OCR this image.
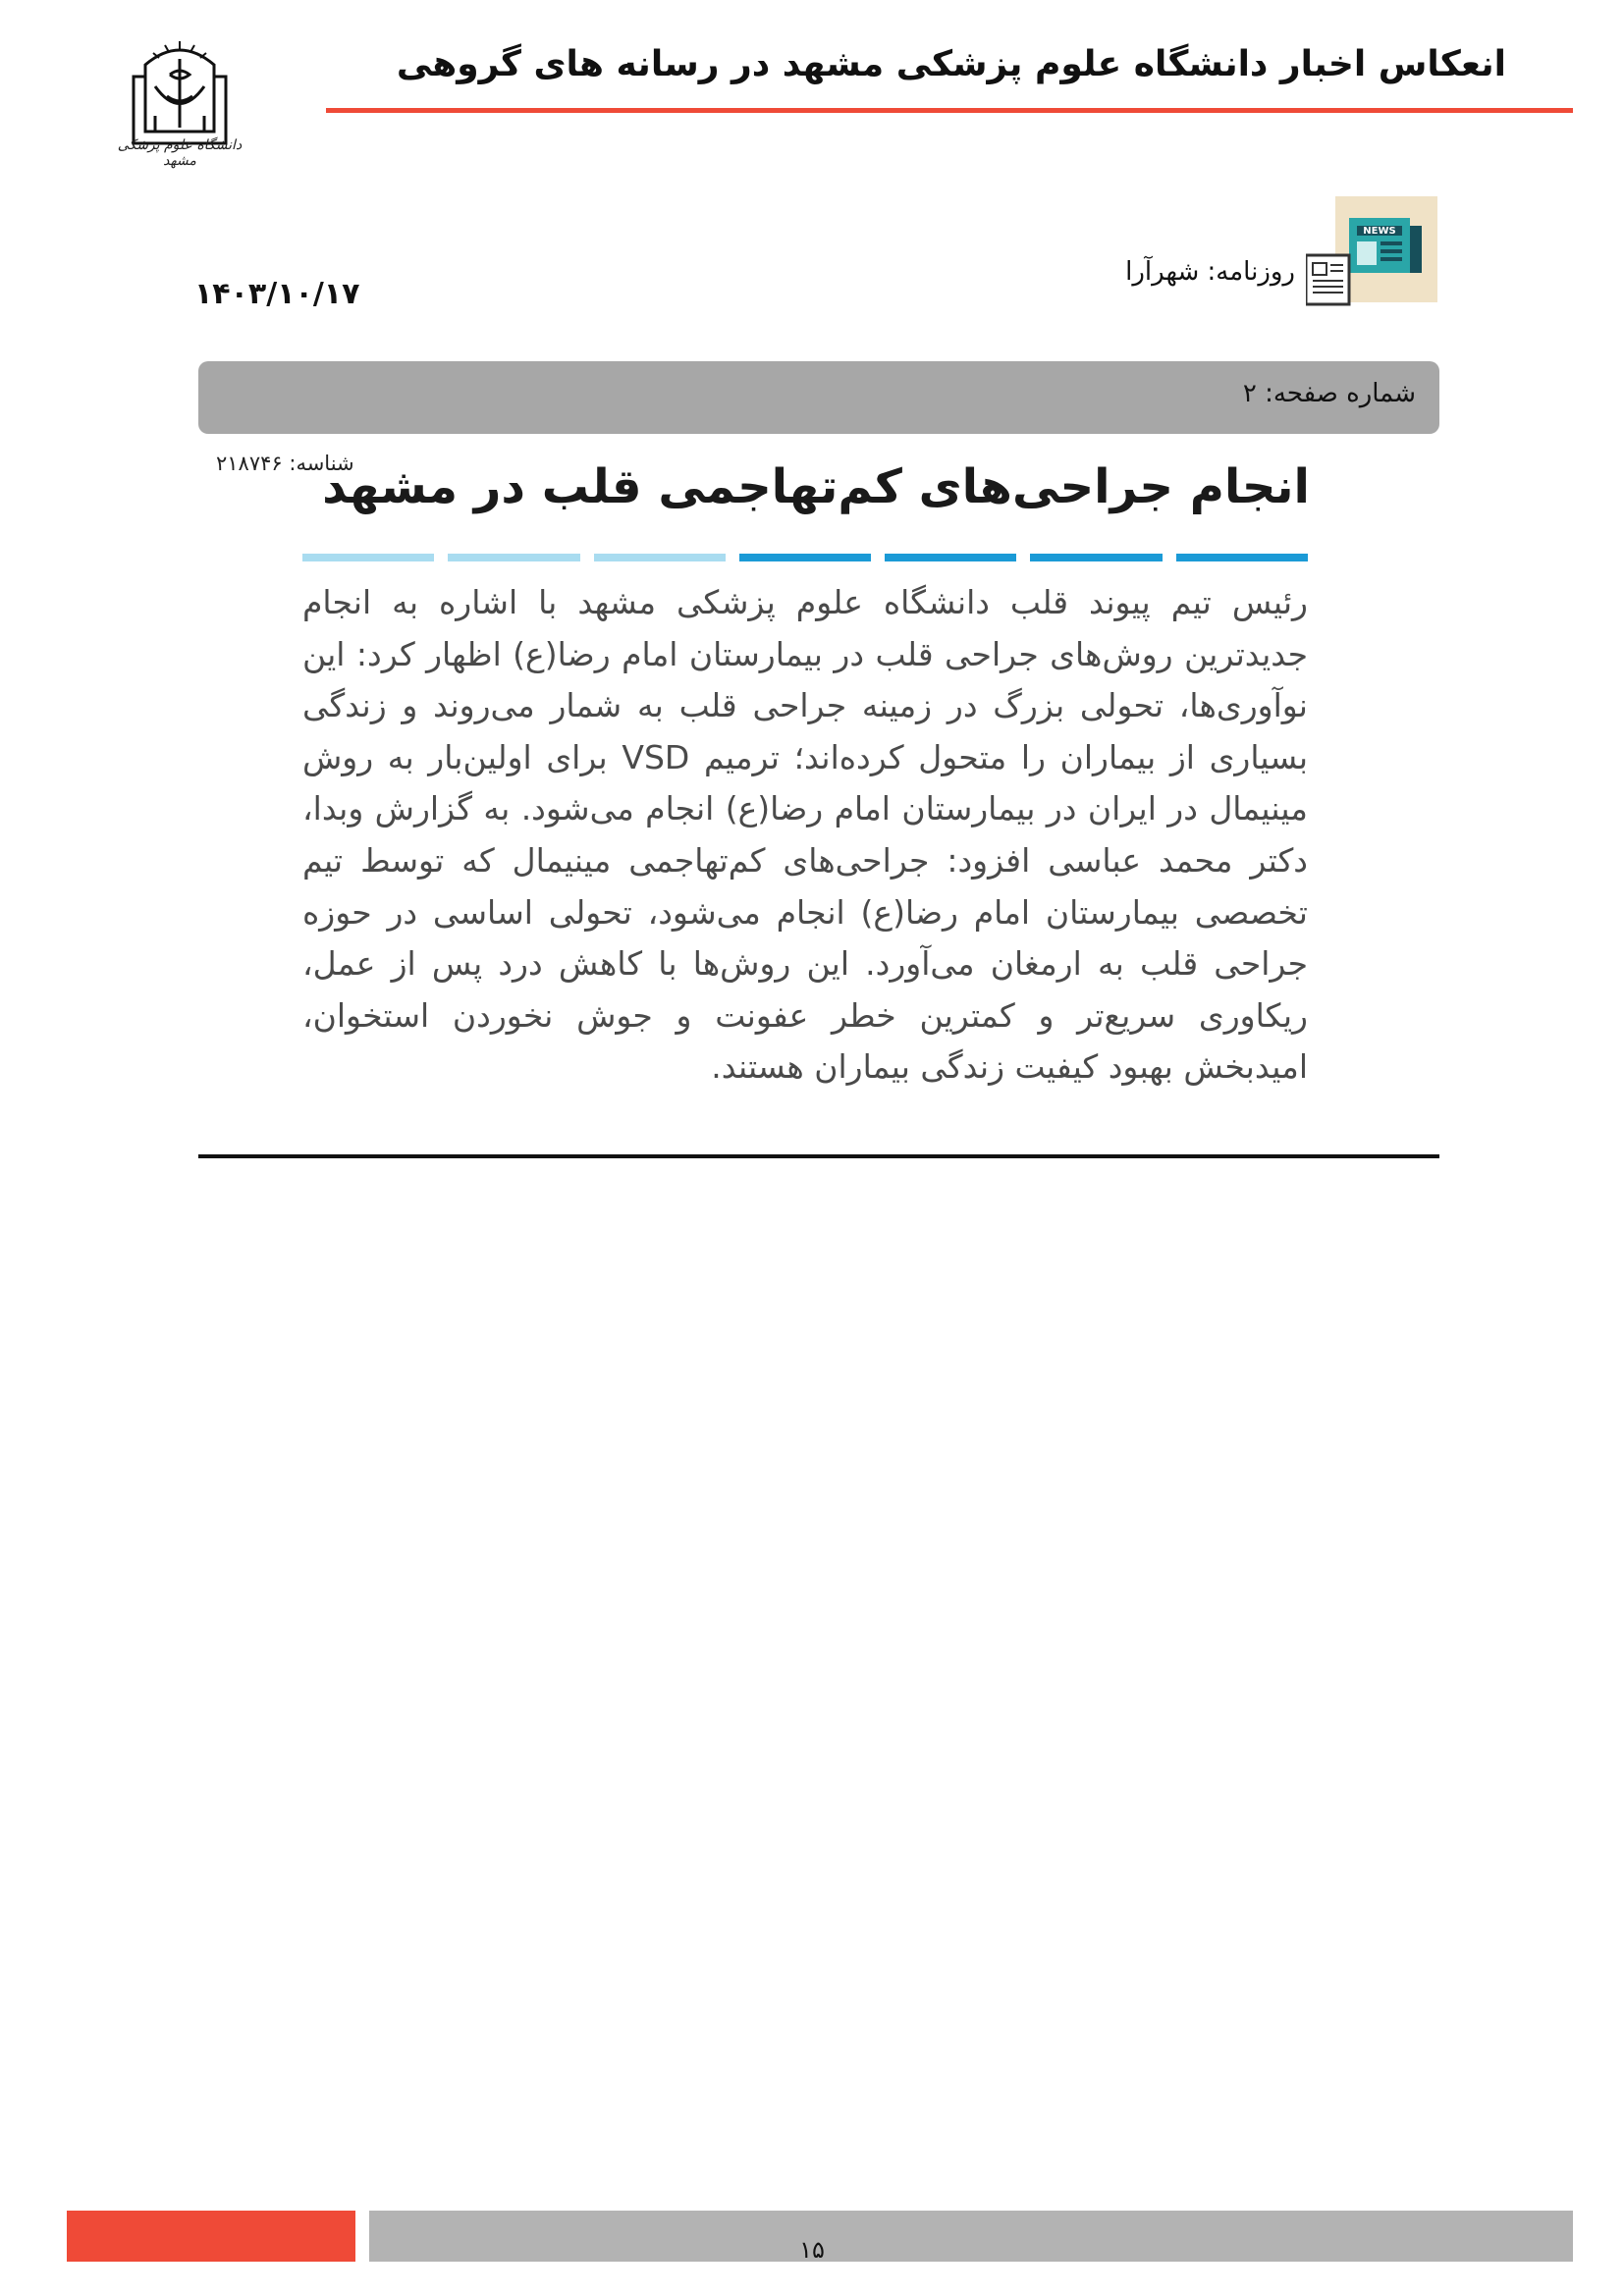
انعکاس اخبار دانشگاه علوم پزشکی مشهد در رسانه های گروهی
دانشگاه علوم پزشکی مشهد
NEWS
روزنامه: شهرآرا
۱۴۰۳/۱۰/۱۷
شماره صفحه: ۲
شناسه: ۲۱۸۷۴۶
انجام جراحی‌های کم‌تهاجمی قلب در مشهد
رئیس تیم پیوند قلب دانشگاه علوم پزشکی مشهد با اشاره به انجام جدیدترین روش‌های جراحی قلب در بیمارستان امام رضا(ع) اظهار کرد: این نوآوری‌ها، تحولی بزرگ در زمینه جراحی قلب به شمار می‌روند و زندگی بسیاری از بیماران را متحول کرده‌اند؛ ترمیم VSD برای اولین‌بار به روش مینیمال در ایران در بیمارستان امام رضا(ع) انجام می‌شود. به گزارش وبدا، دکتر محمد عباسی افزود: جراحی‌های کم‌تهاجمی مینیمال که توسط تیم تخصصی بیمارستان امام رضا(ع) انجام می‌شود، تحولی اساسی در حوزه جراحی قلب به ارمغان می‌آورد. این روش‌ها با کاهش درد پس از عمل، ریکاوری سریع‌تر و کمترین خطر عفونت و جوش نخوردن استخوان، امیدبخش بهبود کیفیت زندگی بیماران هستند.
۱۵
